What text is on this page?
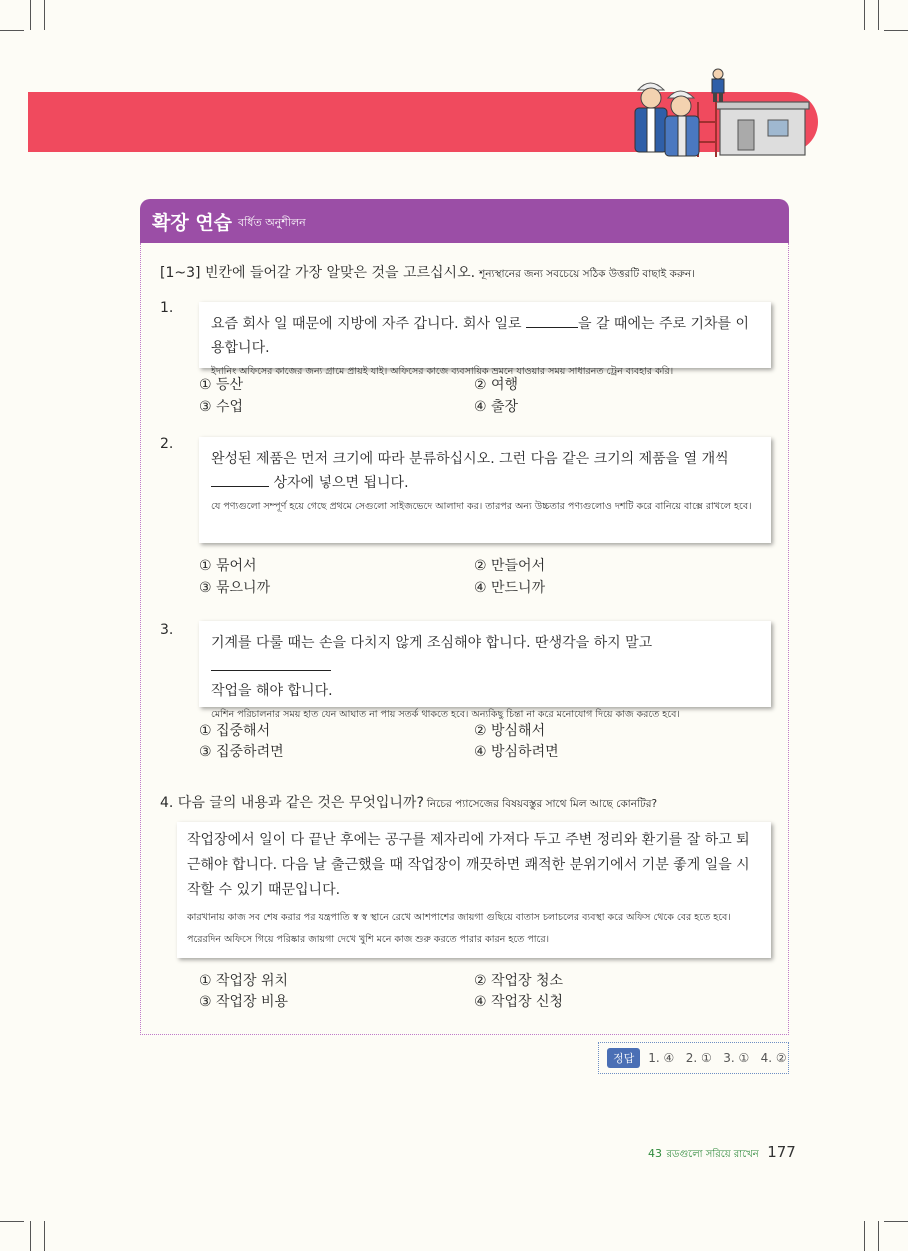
확장 연습 বর্ধিত অনুশীলন
[1~3] 빈칸에 들어갈 가장 알맞은 것을 고르십시오. শূন্যস্থানের জন্য সবচেয়ে সঠিক উত্তরটি বাছাই করুন।
1.
요즘 회사 일 때문에 지방에 자주 갑니다. 회사 일로	을 갈 때에는 주로 기차를 이용합니다.
ইদানিং অফিসের কাজের জন্য গ্রামে প্রায়ই যাই। অফিসের কাজে ব্যবসায়িক ভ্রমনে যাওয়ার সময় সাধারনত ট্রেন ব্যবহার করি।
① 등산	② 여행
③ 수업	④ 출장
2.
완성된 제품은 먼저 크기에 따라 분류하십시오. 그런 다음 같은 크기의 제품을 열 개씩
상자에 넣으면 됩니다.
যে পণ্যগুলো সম্পূর্ণ হয়ে গেছে প্রথমে সেগুলো সাইজভেদে আলাদা কর। তারপর অন্য উচ্চতার পণ্যগুলোও দশটি করে বানিয়ে বাক্সে রাখলে হবে।
① 묶어서	② 만들어서
③ 묶으니까	④ 만드니까
3.
기계를 다룰 때는 손을 다치지 않게 조심해야 합니다. 딴생각을 하지 말고
작업을 해야 합니다.
মেশিন পরিচালনার সময় হাত যেন আঘাত না পায় সতর্ক থাকতে হবে। অন্যকিছু চিন্তা না করে মনোযোগ দিয়ে কাজ করতে হবে।
① 집중해서	② 방심해서
③ 집중하려면	④ 방심하려면
4. 다음 글의 내용과 같은 것은 무엇입니까? নিচের প্যাসেজের বিষয়বস্তুর সাথে মিল আছে কোনটির?
작업장에서 일이 다 끝난 후에는 공구를 제자리에 가져다 두고 주변 정리와 환기를 잘 하고 퇴근해야 합니다. 다음 날 출근했을 때 작업장이 깨끗하면 쾌적한 분위기에서 기분 좋게 일을 시작할 수 있기 때문입니다.
কারখানায় কাজ সব শেষ করার পর যন্ত্রপাতি স্ব স্ব স্থানে রেখে আশপাশের জায়গা গুছিয়ে বাতাস চলাচলের ব্যবস্থা করে অফিস থেকে বের হতে হবে। পরেরদিন অফিসে গিয়ে পরিষ্কার জায়গা দেখে খুশি মনে কাজ শুরু করতে পারার কারন হতে পারে।
① 작업장 위치	② 작업장 청소
③ 작업장 비용	④ 작업장 신청
정답	1. ④   2. ①   3. ①   4. ②
43 রডগুলো সরিয়ে রাখেন 177
